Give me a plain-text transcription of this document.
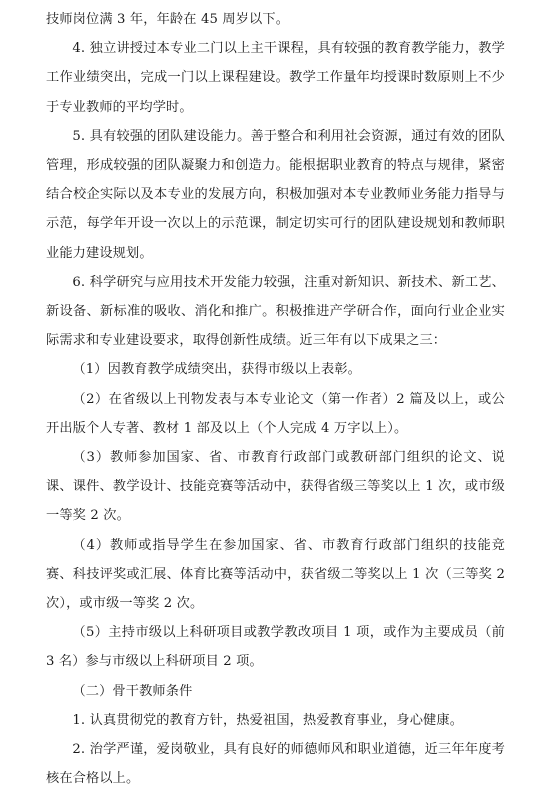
技师岗位满 3 年，年龄在 45 周岁以下。

4. 独立讲授过本专业二门以上主干课程，具有较强的教育教学能力，教学工作业绩突出，完成一门以上课程建设。教学工作量年均授课时数原则上不少于专业教师的平均学时。

5. 具有较强的团队建设能力。善于整合和利用社会资源，通过有效的团队管理，形成较强的团队凝聚力和创造力。能根据职业教育的特点与规律，紧密结合校企实际以及本专业的发展方向，积极加强对本专业教师业务能力指导与示范，每学年开设一次以上的示范课，制定切实可行的团队建设规划和教师职业能力建设规划。

6. 科学研究与应用技术开发能力较强，注重对新知识、新技术、新工艺、新设备、新标准的吸收、消化和推广。积极推进产学研合作，面向行业企业实际需求和专业建设要求，取得创新性成绩。近三年有以下成果之三：

（1）因教育教学成绩突出，获得市级以上表彰。

（2）在省级以上刊物发表与本专业论文（第一作者）2 篇及以上，或公开出版个人专著、教材 1 部及以上（个人完成 4 万字以上）。

（3）教师参加国家、省、市教育行政部门或教研部门组织的论文、说课、课件、教学设计、技能竞赛等活动中，获得省级三等奖以上 1 次，或市级一等奖 2 次。

（4）教师或指导学生在参加国家、省、市教育行政部门组织的技能竞赛、科技评奖或汇展、体育比赛等活动中，获省级二等奖以上 1 次（三等奖 2 次），或市级一等奖 2 次。

（5）主持市级以上科研项目或教学教改项目 1 项，或作为主要成员（前 3 名）参与市级以上科研项目 2 项。

（二）骨干教师条件

1. 认真贯彻党的教育方针，热爱祖国，热爱教育事业，身心健康。

2. 治学严谨，爱岗敬业，具有良好的师德师风和职业道德，近三年年度考核在合格以上。
